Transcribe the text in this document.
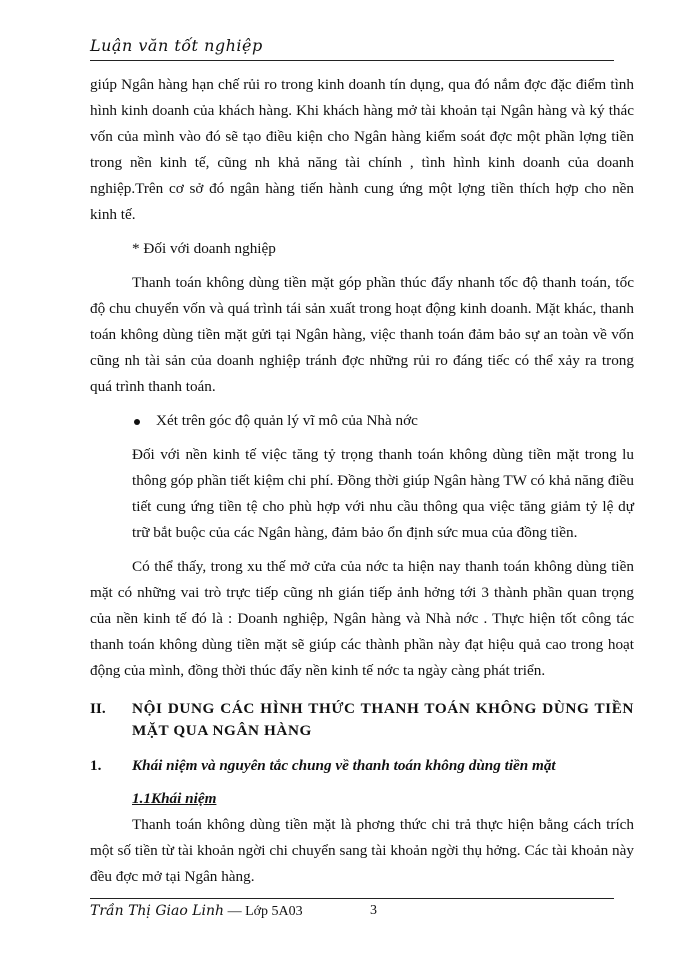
Luận văn tốt nghiệp

giúp Ngân hàng hạn chế rủi ro trong kinh doanh tín dụng, qua đó nắm đợc đặc điểm tình hình kinh doanh của khách hàng. Khi khách hàng mở tài khoản tại Ngân hàng và ký thác vốn của mình vào đó sẽ tạo điều kiện cho Ngân hàng kiểm soát đợc một phần lợng tiền trong nền kinh tế, cũng nh khả năng tài chính , tình hình kinh doanh của doanh nghiệp.Trên cơ sở đó ngân hàng tiến hành cung ứng một lợng tiền thích hợp cho nền kinh tế.

* Đối với doanh nghiệp

Thanh toán không dùng tiền mặt góp phần thúc đẩy nhanh tốc độ thanh toán, tốc độ chu chuyển vốn và quá trình tái sản xuất trong hoạt động kinh doanh. Mặt khác, thanh toán không dùng tiền mặt gửi tại Ngân hàng, việc thanh toán đảm bảo sự an toàn về vốn cũng nh tài sản của doanh nghiệp tránh đợc những rủi ro đáng tiếc có thể xảy ra trong quá trình thanh toán.

Xét trên góc độ quản lý vĩ mô của Nhà nớc

Đối với nền kinh tế việc tăng tỷ trọng thanh toán không dùng tiền mặt trong lu thông góp phần tiết kiệm chi phí. Đồng thời giúp Ngân hàng TW có khả năng điều tiết cung ứng tiền tệ cho phù hợp với nhu cầu thông qua việc tăng giảm tỷ lệ dự trữ bắt buộc của các Ngân hàng, đảm bảo ổn định sức mua của đồng tiền.

Có thể thấy, trong xu thế mở cửa của nớc ta hiện nay thanh toán không dùng tiền mặt có những vai trò trực tiếp cũng nh gián tiếp ảnh hởng tới 3 thành phần quan trọng của nền kinh tế đó là : Doanh nghiệp, Ngân hàng và Nhà nớc . Thực hiện tốt công tác thanh toán không dùng tiền mặt sẽ giúp các thành phần này đạt hiệu quả cao trong hoạt động của mình, đồng thời thúc đẩy nền kinh tế nớc ta ngày càng phát triển.

II.	NỘI DUNG CÁC HÌNH THỨC THANH TOÁN KHÔNG DÙNG TIỀN MẶT QUA NGÂN HÀNG
1.	Khái niệm và nguyên tắc chung về thanh toán không dùng tiền mặt
1.1Khái niệm

Thanh toán không dùng tiền mặt là phơng thức chi trả thực hiện bằng cách trích một số tiền từ tài khoản ngời chi chuyển sang tài khoản ngời thụ hởng. Các tài khoản này đều đợc mở tại Ngân hàng.

Trần Thị Giao Linh — Lớp 5A03	3
